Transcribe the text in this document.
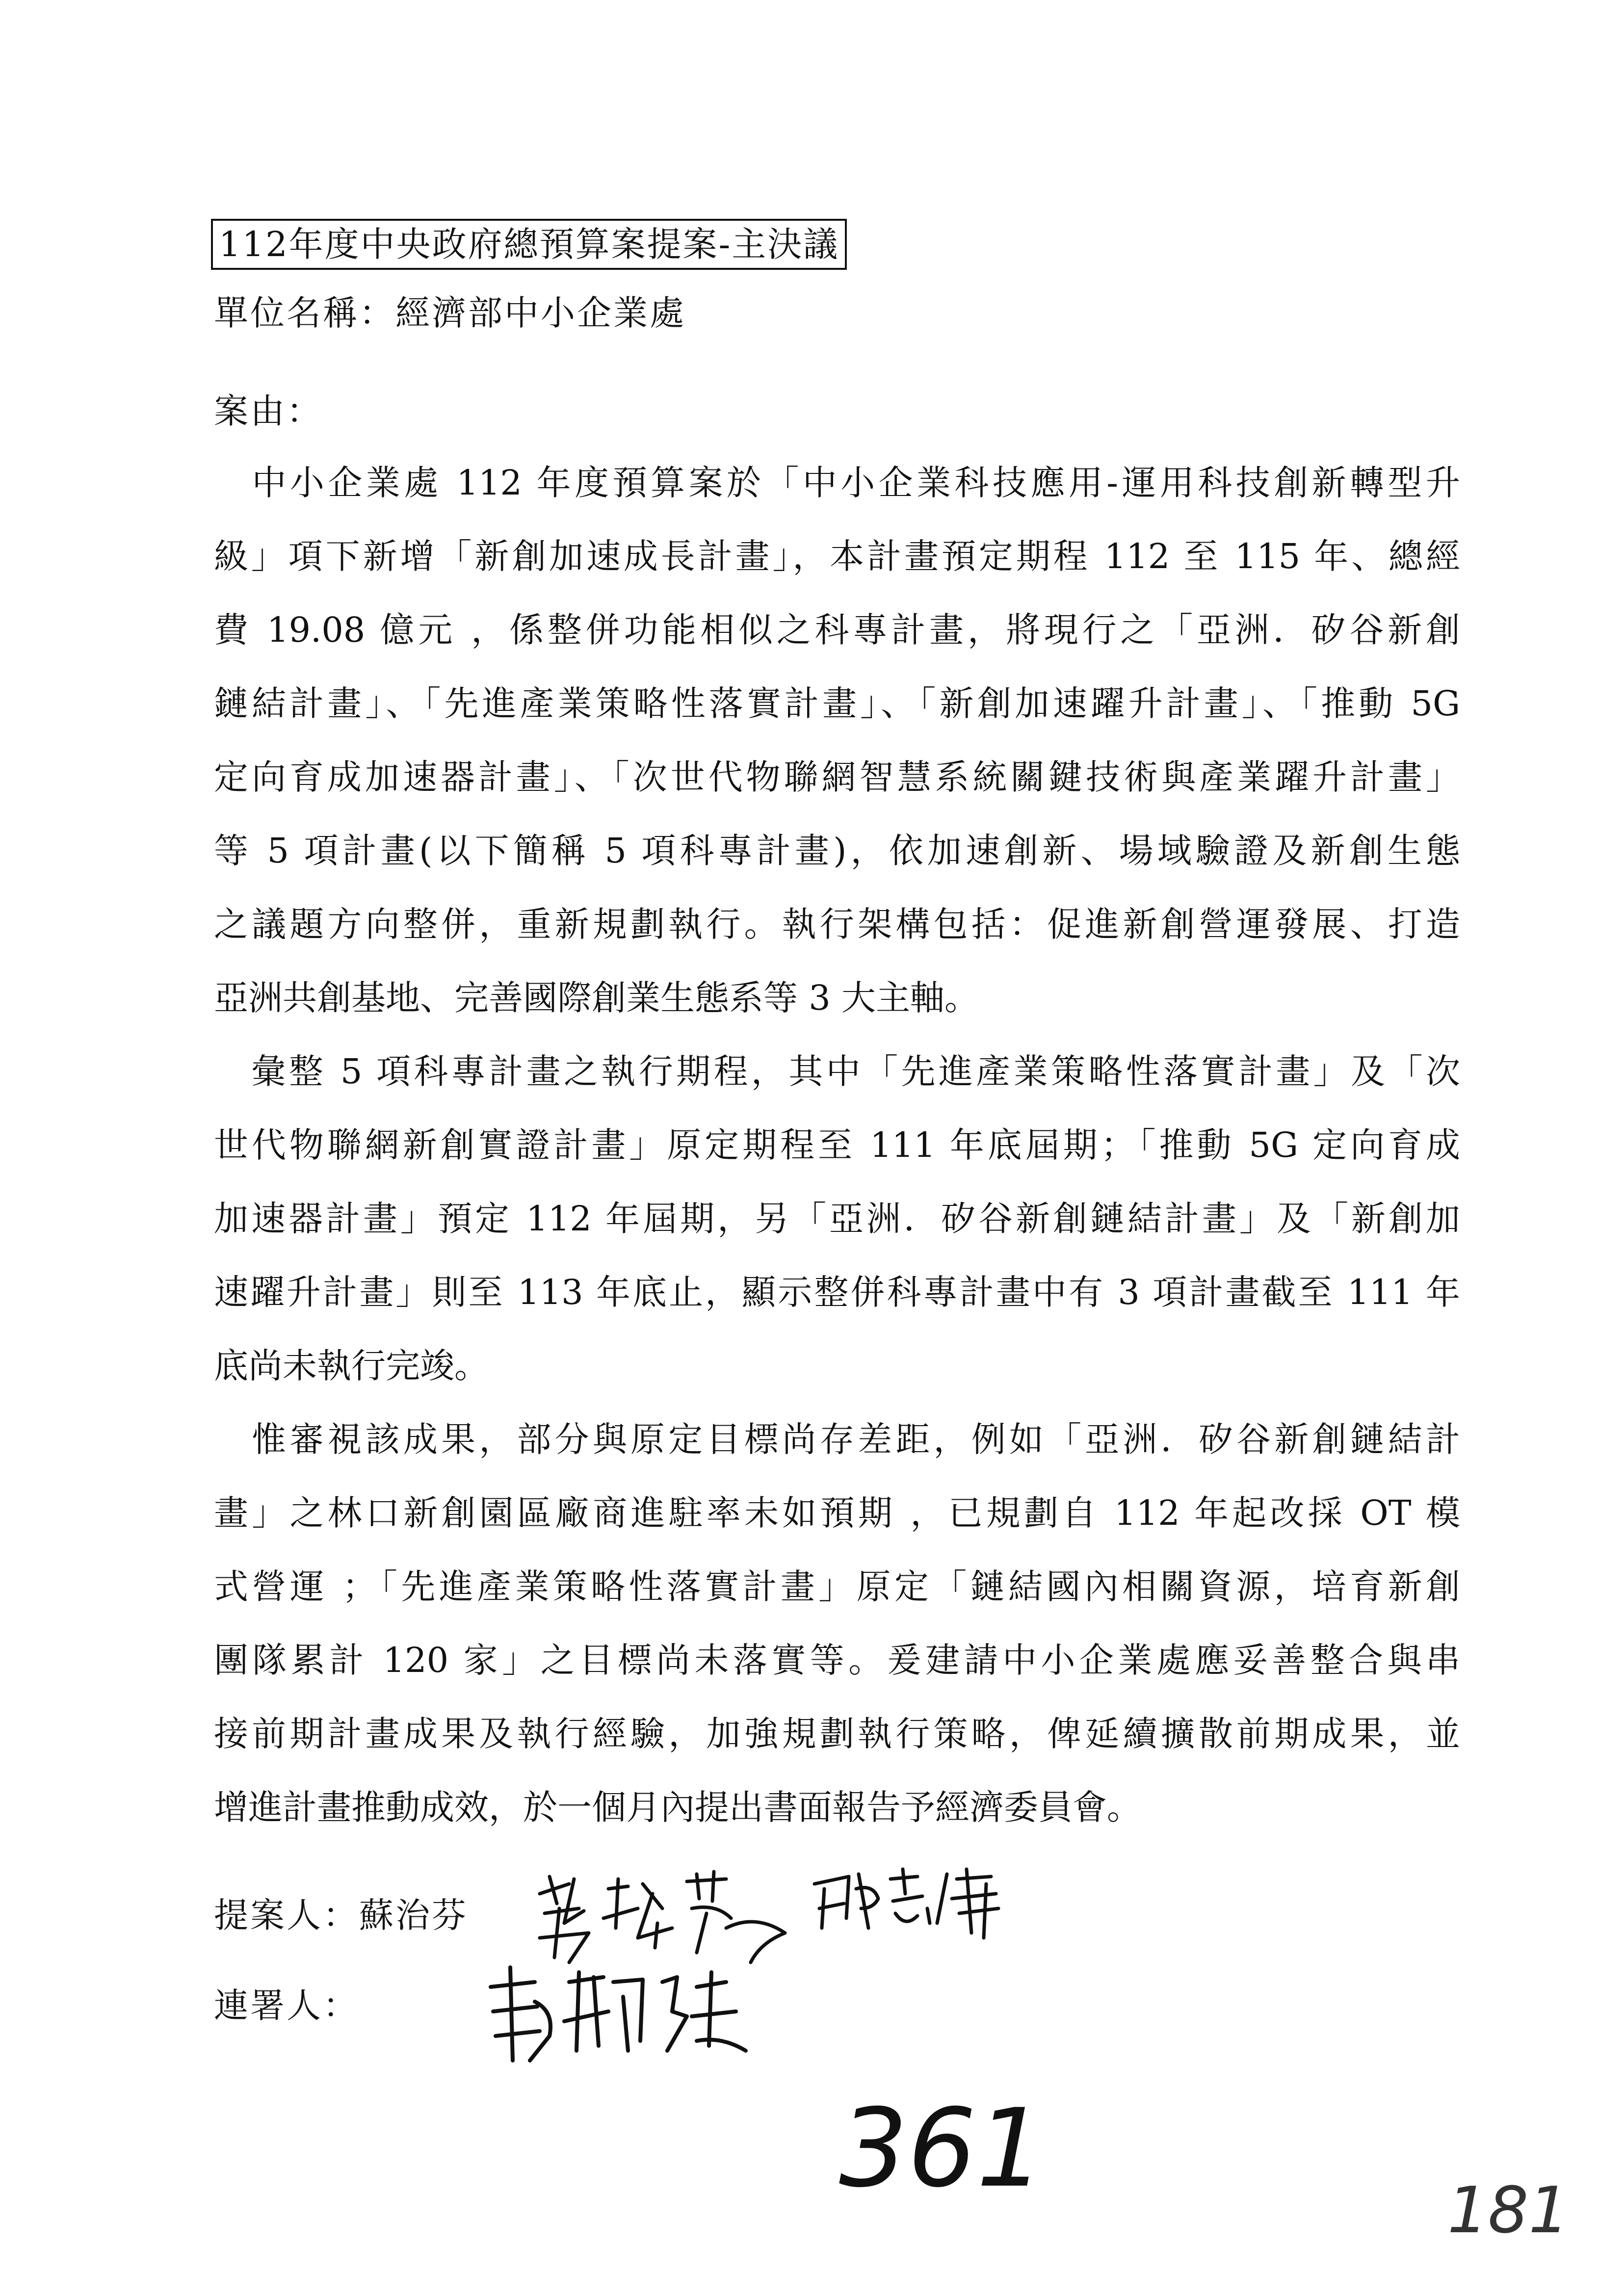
112年度中央政府總預算案提案-主決議
單位名稱：經濟部中小企業處
案由：
　中小企業處 112 年度預算案於「中小企業科技應用-運用科技創新轉型升
級」項下新增「新創加速成長計畫」，本計畫預定期程 112 至 115 年、總經
費 19.08 億元 ，係整併功能相似之科專計畫，將現行之「亞洲．矽谷新創
鏈結計畫」、「先進產業策略性落實計畫」、「新創加速躍升計畫」、「推動 5G
定向育成加速器計畫」、「次世代物聯網智慧系統關鍵技術與產業躍升計畫」
等 5 項計畫(以下簡稱 5 項科專計畫)，依加速創新、場域驗證及新創生態
之議題方向整併，重新規劃執行。執行架構包括：促進新創營運發展、打造
亞洲共創基地、完善國際創業生態系等 3 大主軸。
　彙整 5 項科專計畫之執行期程，其中「先進產業策略性落實計畫」及「次
世代物聯網新創實證計畫」原定期程至 111 年底屆期；「推動 5G 定向育成
加速器計畫」預定 112 年屆期，另「亞洲．矽谷新創鏈結計畫」及「新創加
速躍升計畫」則至 113 年底止，顯示整併科專計畫中有 3 項計畫截至 111 年
底尚未執行完竣。
　惟審視該成果，部分與原定目標尚存差距，例如「亞洲．矽谷新創鏈結計
畫」之林口新創園區廠商進駐率未如預期 ，已規劃自 112 年起改採 OT 模
式營運 ；「先進產業策略性落實計畫」原定「鏈結國內相關資源，培育新創
團隊累計 120 家」之目標尚未落實等。爰建請中小企業處應妥善整合與串
接前期計畫成果及執行經驗，加強規劃執行策略，俾延續擴散前期成果，並
增進計畫推動成效，於一個月內提出書面報告予經濟委員會。
提案人：蘇治芬
連署人：
361	181
